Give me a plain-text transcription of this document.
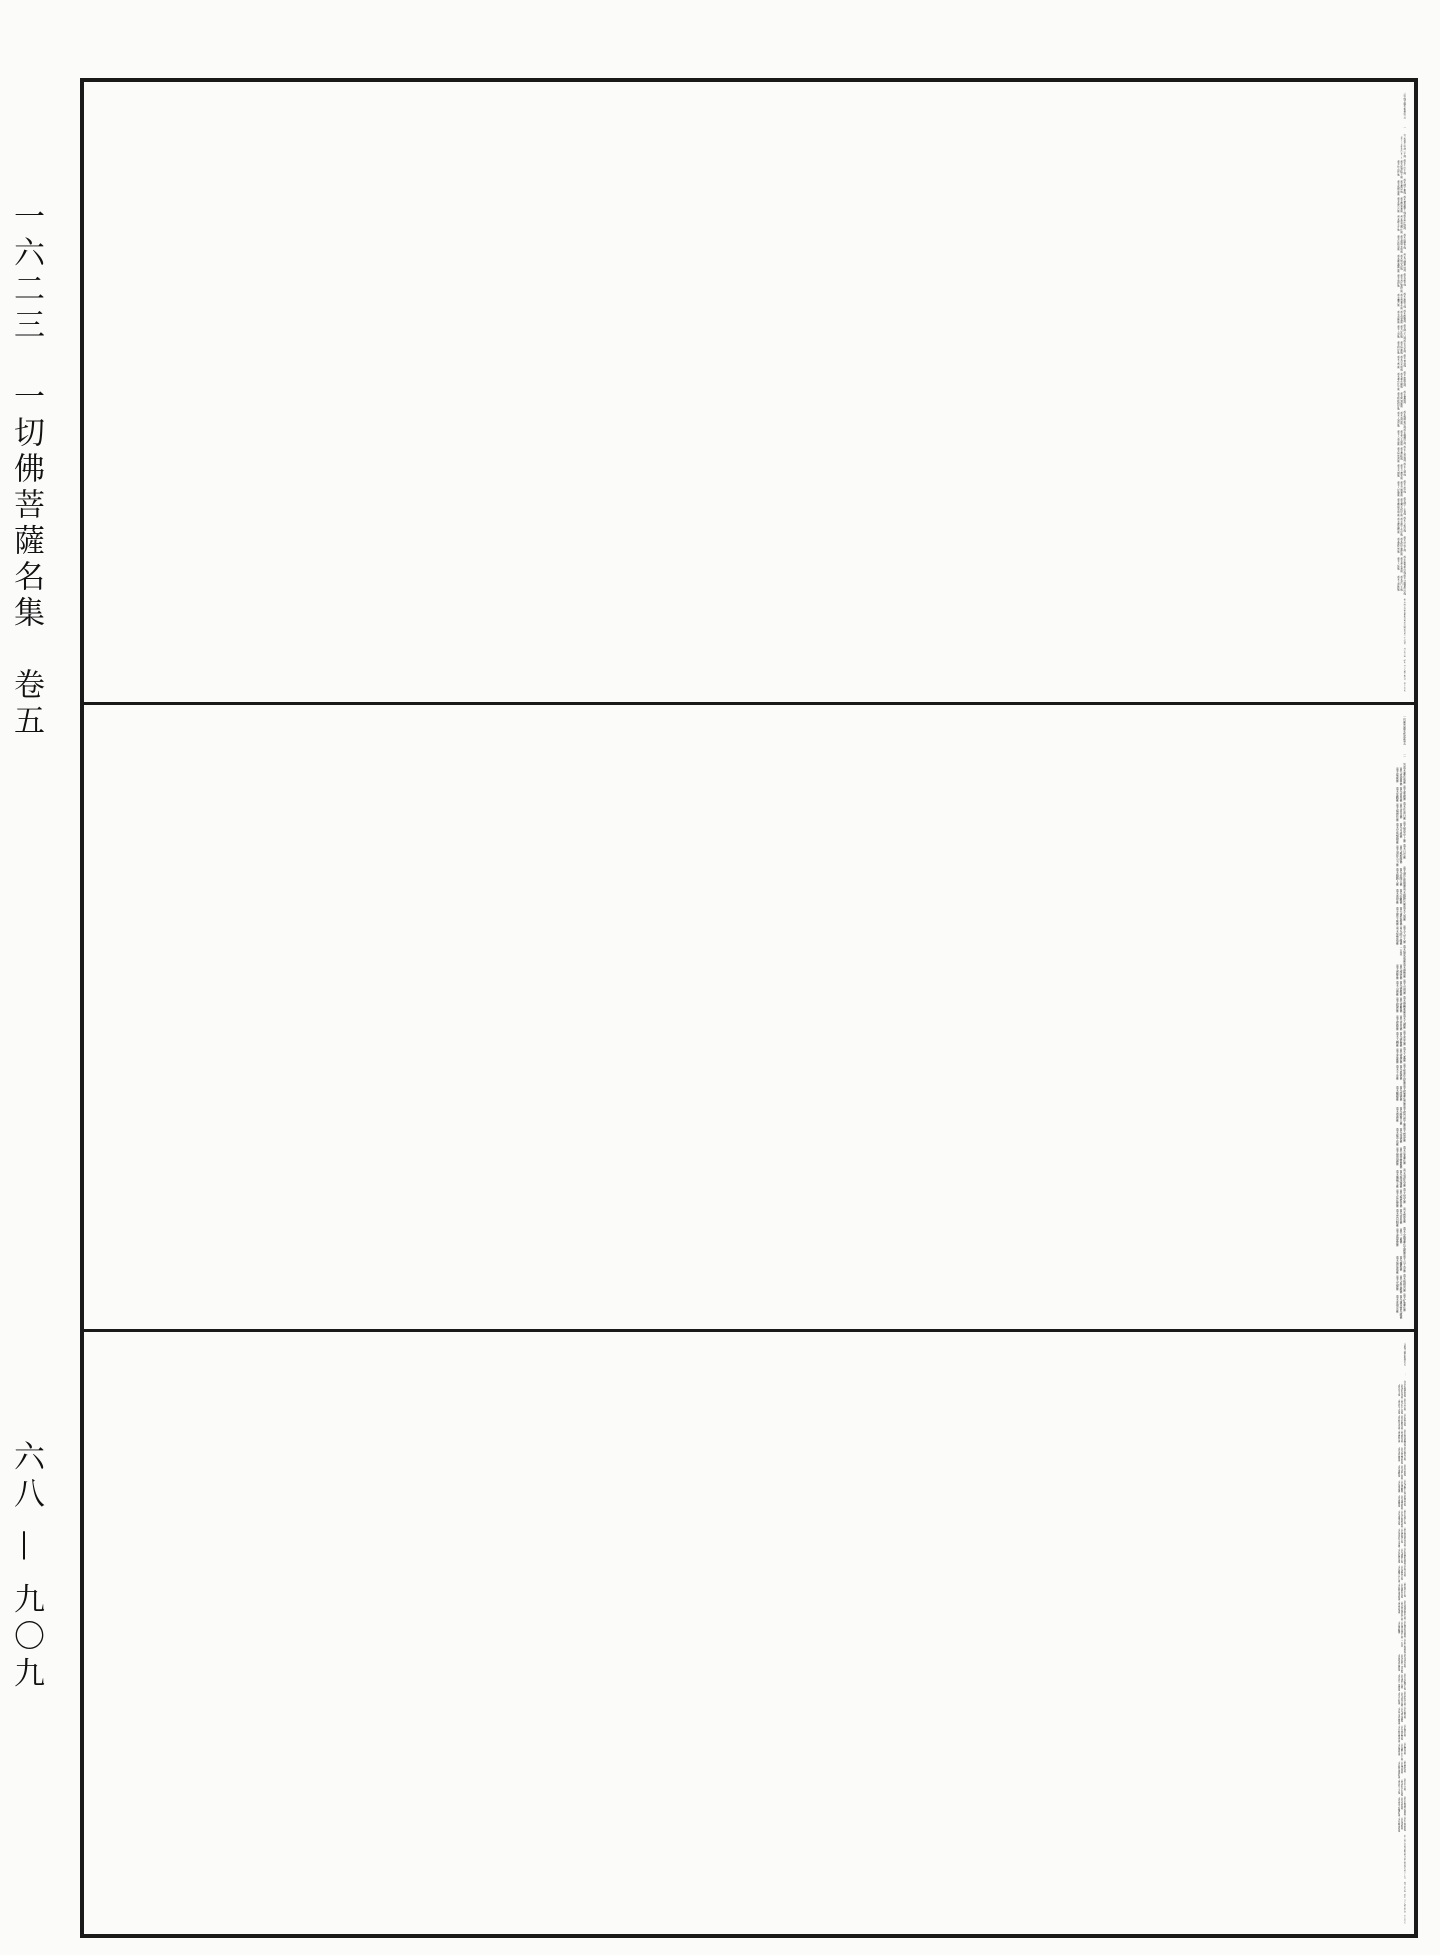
一六二三　一切佛菩薩名集　卷五
六八 — 九〇九
一切佛菩薩名集卷第五　　　一　　勿
未來星宿劫一千佛
利州太子寺講經論沙門德雲　集
南无王中王佛
南无阿須輪王佛
南无作吉祥佛
南无師子惠佛
南无寶意佛
南无成辦事佛
南无寶娑羅王佛
南无樓娑華佛
南无高雷音佛
南无無比辯佛
南无智慧國住佛
南无師子牙佛
南无威懷歩佛
南无福德光明佛
南无月鎧明佛
南无目犍連姓佛
南无無憂封佛
南无惠滿聲慧佛
南无意智佛
南无善住寶燈佛
南无勇捍佛
南无無限力佛
南无智華花佛
南无獼音佛
南无歡樂佛
南无誑義佛
南无淨懷佛
南无師子口佛
南无好結佛
南无大淨佛
南无月光佛
南无無動佛
南无相好佛
南无香爲佛
南无常光明佛
南无大勇佛
南无無限高佛
南无蓮花幢佛
南无蓮花化生佛
南无寶嚴佛
南无阿竭鬘佛
南无種種相好佛
南无梅檀相好佛
南无海意佛
南无大海意佛
南无幢幢好佛
南无梵王德佛
南无大香熏佛
南无大勇現佛
南无寶輪佛
南无無量善佛
南无大德佛
南无金寶光佛
南无天網佛
南无言從佛
南无常雨華佛
南无大好樂佛
南无師子上香佛
南无魔天相好佛
南无獨揮光明佛
南无大相好佛
南无師子花好佛
南无寶滅構佛
南无持戒王佛
南无相好翼從佛
南无寶從雷佛
南无無畏相好佛
南无蓮花香佛
南无大地佛
南无分檀寶從好佛
南无淨行王佛
南无大遊戲佛
施主奉國上將軍領軍衛將軍封馬開國侯食邑一千户食實
封一伯户程　献花　母夫人廣平縣太君　妻夫人李氏
一切佛菩薩名集卷第五　　　二　　勿
南无蓮花威佛
南无放捨華佛
南无龍威佛
南无華嚴佛
南无香爲佛
南无常觀佛
南无作壹行佛
南无善住佛
南无梅檀色佛
南无無常中上佛
南无月威佛
南无尼拘類樹佛
南无日空佛
南无威相勝佛
南无須弥山力佛
南无摩尼珠腹佛
南无金剛王佛
南无雜勝人佛
南无雜勝伏佛
南无好觀佛
南无勇捍佛
南无大海佛
南无翼從樹佛
南无狸牛威佛
南无天中天佛
南无師子幢佛
南无智慧威佛
南无無底威佛
一百竟
南无德豐佛
南无摩德佛
南无德臂佛
南无出現佛
南无德嚴佛
南无山德佛
南无德精進佛
南无寶聚佛
南无服德佛
南无大講佛
南无普見佛
南无寶樹佛
南无普悲佛
南无德養佛
南无大轉佛
南无大蓋佛
南无寶德佛
南无普蓋佛
南无絶衆生疑佛
南无最德佛
南无千近佛
南无寶蓮花勇佛
南无摩德佛
南无幡幢佛
南无寶月德王佛
南无勝樹王佛
南无尊德佛
南无寶淨佛
南无等德佛
南无龍中密佛
南无等蓮花佛
南无無量寶蓋佛
南无無畏識佛
南无須弥身佛
南无無深濁佛
南无獨稱王佛
南无放光佛
南无梅檀香佛
南无在花聚佛
南无寶室佛
南无香象佛
南无雷目眼佛
南无金剛蓮花光嚴佛
南无一蓋佛
南无衆尊聚佛
南无山王身佛
南无攝根佛
南无無能威佛
南无梅檀宮佛
南无虛空嚴佛
南无光網佛
南无紅蓮花佛
南无蓮花寶光藏佛
南无普現光佛
一切佛菩薩名集卷第五　　　三　　勿
南无散衆畏佛
南无須弥身佛
南无安王佛
南无法室佛
南无出十光佛
南无過十光佛
南无惠光佛
南无出顯光佛
南无無量光佛
南无無能屈聲佛
南无網光佛
南无寶智佛
南无無量淨佛
南无無量寶從佛
南无蓮花德佛
南无住惠佛
南无能仁仙佛
南无惠稱佛
南无諸樹王佛
南无寶樹佛
南无車乘佛
南无寶實佛
南无雜惡稱佛
南无德現佛
南无名稱王佛
南无不虛稱道佛
南无香薰光佛
南无無能屈香光佛
南无衆強王佛
南无出須弥山頂佛
南无從寶出德佛
南无蓮華上佛
南无從寶出佛
南无香光佛
南无稱遠方佛
南无藏香自在佛
南无靈雷王佛
南无無際光佛
南无無量惠成佛
南无種種無量行佛
南无無量德光王佛
南无尊聚佛
南无寶花制德佛
南无寶花制王佛
南无寶礙佛
南无不虛稱佛
一百竟
南无共發意佛
南无莊嚴一切意佛
南无蓋蓮花寶佛
南无光輪成王佛
南无德王光佛
南无過一切德佛
南无燈光行佛
南无成作光佛
南无江仙佛
南无無畏佛
南无蓮花德佛
南无慧蓮花德佛
南无寶室佛
南无無量類佛
南无無量聚會佛
南无寶身佛
南无樹王中王佛
南无寶光佛
南无寶明佛
南无尊聚佛
南无無量德燈佛
南无世音佛
南无須弥山光佛
南无過上歩佛
南无由寶蓮花德佛
南无作際佛
南无衆生所樂燈佛
南无上寶蓋佛
南无尊乘佛
南无無量蓋佛
施主奉國上將軍加鎮軍將軍封廣平縣開國侯食邑一千户食
實封一伯户程　献花　母夫人廣平縣太君　妻夫人李氏
